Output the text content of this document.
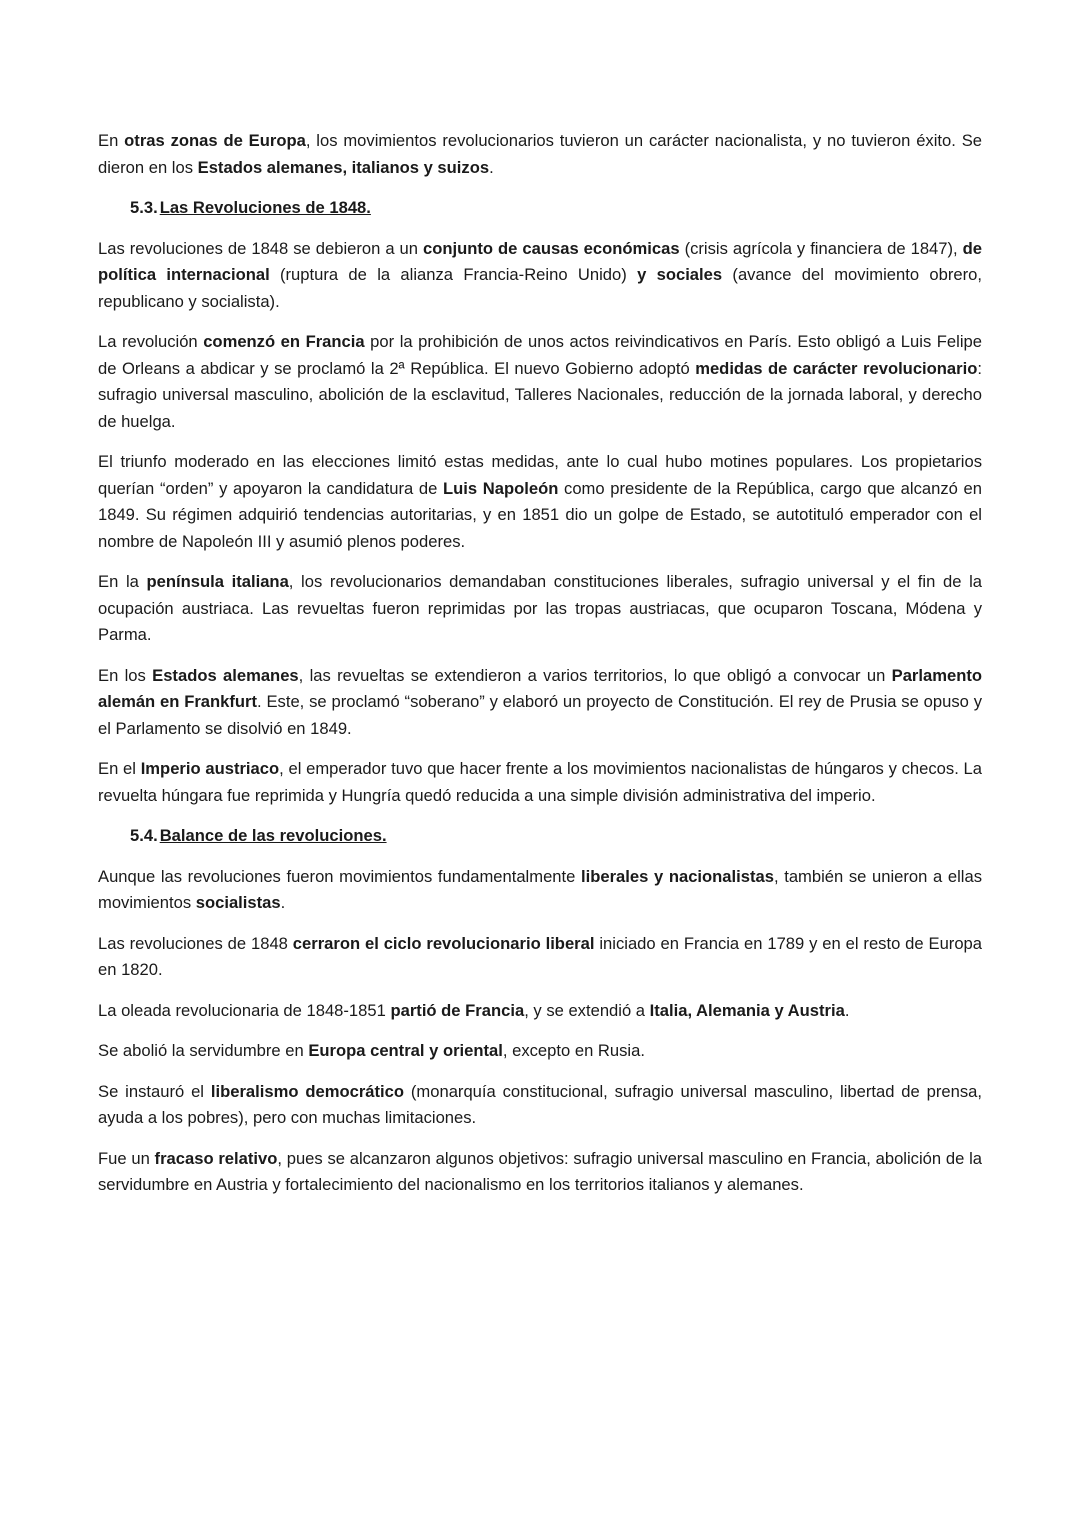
En otras zonas de Europa, los movimientos revolucionarios tuvieron un carácter nacionalista, y no tuvieron éxito. Se dieron en los Estados alemanes, italianos y suizos.

5.3. Las Revoluciones de 1848.

Las revoluciones de 1848 se debieron a un conjunto de causas económicas (crisis agrícola y financiera de 1847), de política internacional (ruptura de la alianza Francia-Reino Unido) y sociales (avance del movimiento obrero, republicano y socialista).

La revolución comenzó en Francia por la prohibición de unos actos reivindicativos en París. Esto obligó a Luis Felipe de Orleans a abdicar y se proclamó la 2ª República. El nuevo Gobierno adoptó medidas de carácter revolucionario: sufragio universal masculino, abolición de la esclavitud, Talleres Nacionales, reducción de la jornada laboral, y derecho de huelga.

El triunfo moderado en las elecciones limitó estas medidas, ante lo cual hubo motines populares. Los propietarios querían “orden” y apoyaron la candidatura de Luis Napoleón como presidente de la República, cargo que alcanzó en 1849. Su régimen adquirió tendencias autoritarias, y en 1851 dio un golpe de Estado, se autotituló emperador con el nombre de Napoleón III y asumió plenos poderes.

En la península italiana, los revolucionarios demandaban constituciones liberales, sufragio universal y el fin de la ocupación austriaca. Las revueltas fueron reprimidas por las tropas austriacas, que ocuparon Toscana, Módena y Parma.

En los Estados alemanes, las revueltas se extendieron a varios territorios, lo que obligó a convocar un Parlamento alemán en Frankfurt. Este, se proclamó “soberano” y elaboró un proyecto de Constitución. El rey de Prusia se opuso y el Parlamento se disolvió en 1849.

En el Imperio austriaco, el emperador tuvo que hacer frente a los movimientos nacionalistas de húngaros y checos. La revuelta húngara fue reprimida y Hungría quedó reducida a una simple división administrativa del imperio.

5.4. Balance de las revoluciones.

Aunque las revoluciones fueron movimientos fundamentalmente liberales y nacionalistas, también se unieron a ellas movimientos socialistas.

Las revoluciones de 1848 cerraron el ciclo revolucionario liberal iniciado en Francia en 1789 y en el resto de Europa en 1820.

La oleada revolucionaria de 1848-1851 partió de Francia, y se extendió a Italia, Alemania y Austria.

Se abolió la servidumbre en Europa central y oriental, excepto en Rusia.

Se instauró el liberalismo democrático (monarquía constitucional, sufragio universal masculino, libertad de prensa, ayuda a los pobres), pero con muchas limitaciones.

Fue un fracaso relativo, pues se alcanzaron algunos objetivos: sufragio universal masculino en Francia, abolición de la servidumbre en Austria y fortalecimiento del nacionalismo en los territorios italianos y alemanes.
